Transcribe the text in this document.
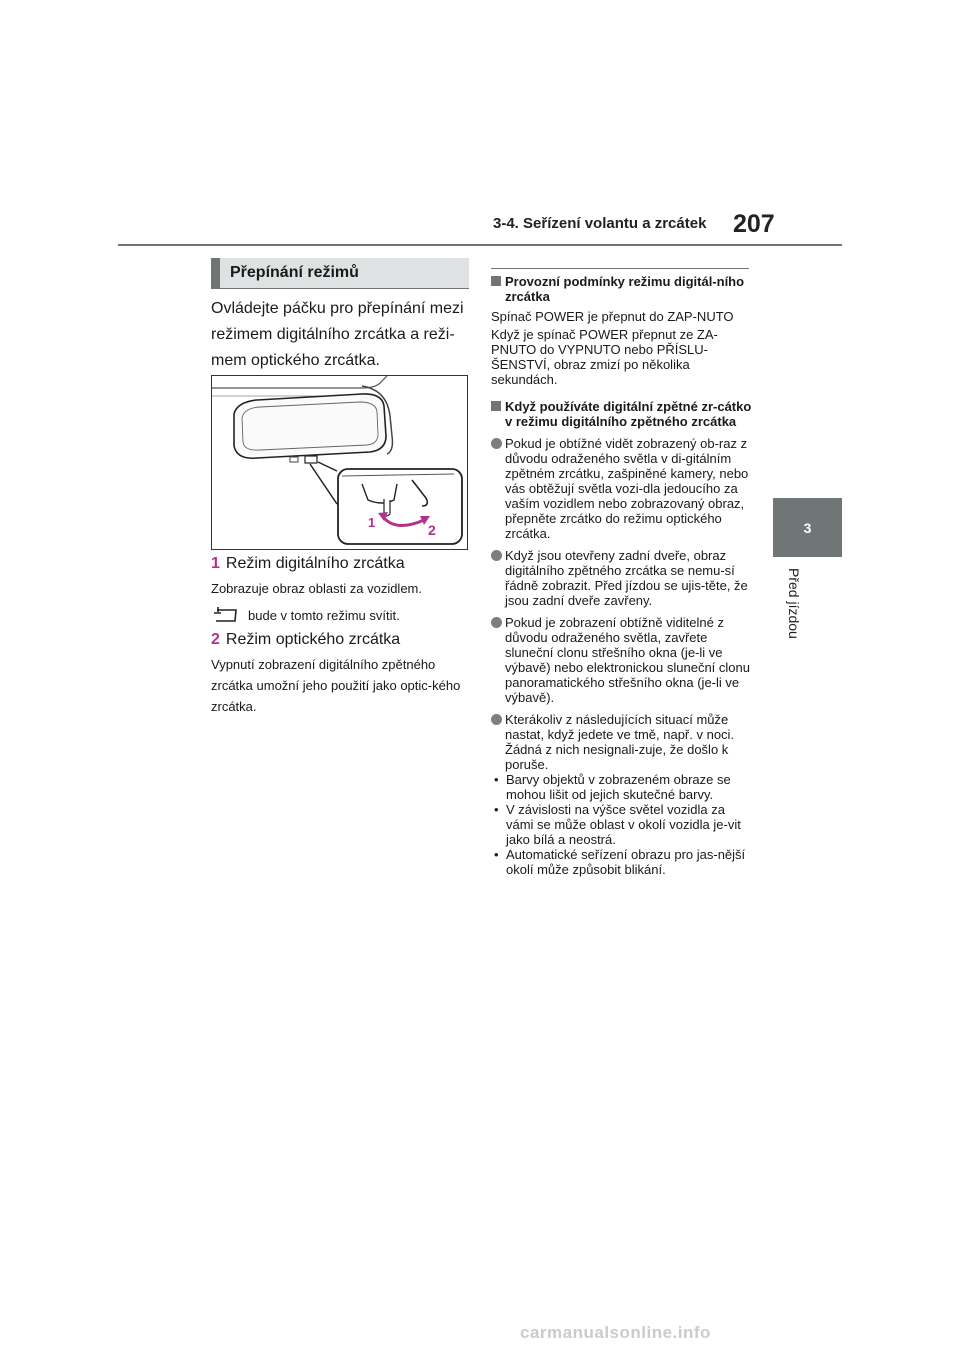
3-4. Seřízení volantu a zrcátek 207
3
Před jízdou
Přepínání režimů
Ovládejte páčku pro přepínání mezi režimem digitálního zrcátka a reži-mem optického zrcátka.
1	2
1 Režim digitálního zrcátka
Zobrazuje obraz oblasti za vozidlem.
bude v tomto režimu svítit.
2 Režim optického zrcátka
Vypnutí zobrazení digitálního zpětného zrcátka umožní jeho použití jako optic-kého zrcátka.
Provozní podmínky režimu digitál-ního zrcátka
Spínač POWER je přepnut do ZAP-NUTO
Když je spínač POWER přepnut ze ZA-PNUTO do VYPNUTO nebo PŘÍSLU-ŠENSTVÍ, obraz zmizí po několika sekundách.
Když používáte digitální zpětné zr-cátko v režimu digitálního zpětného zrcátka
Pokud je obtížné vidět zobrazený ob-raz z důvodu odraženého světla v di-gitálním zpětném zrcátku, zašpiněné kamery, nebo vás obtěžují světla vozi-dla jedoucího za vaším vozidlem nebo zobrazovaný obraz, přepněte zrcátko do režimu optického zrcátka.
Když jsou otevřeny zadní dveře, obraz digitálního zpětného zrcátka se nemu-sí řádně zobrazit. Před jízdou se ujis-těte, že jsou zadní dveře zavřeny.
Pokud je zobrazení obtížně viditelné z důvodu odraženého světla, zavřete sluneční clonu střešního okna (je-li ve výbavě) nebo elektronickou sluneční clonu panoramatického střešního okna (je-li ve výbavě).
Kterákoliv z následujících situací může nastat, když jedete ve tmě, např. v noci. Žádná z nich nesignali-zuje, že došlo k poruše.
• Barvy objektů v zobrazeném obraze se mohou lišit od jejich skutečné barvy.
• V závislosti na výšce světel vozidla za vámi se může oblast v okolí vozidla je-vit jako bílá a neostrá.
• Automatické seřízení obrazu pro jas-nější okolí může způsobit blikání.
carmanualsonline.info
